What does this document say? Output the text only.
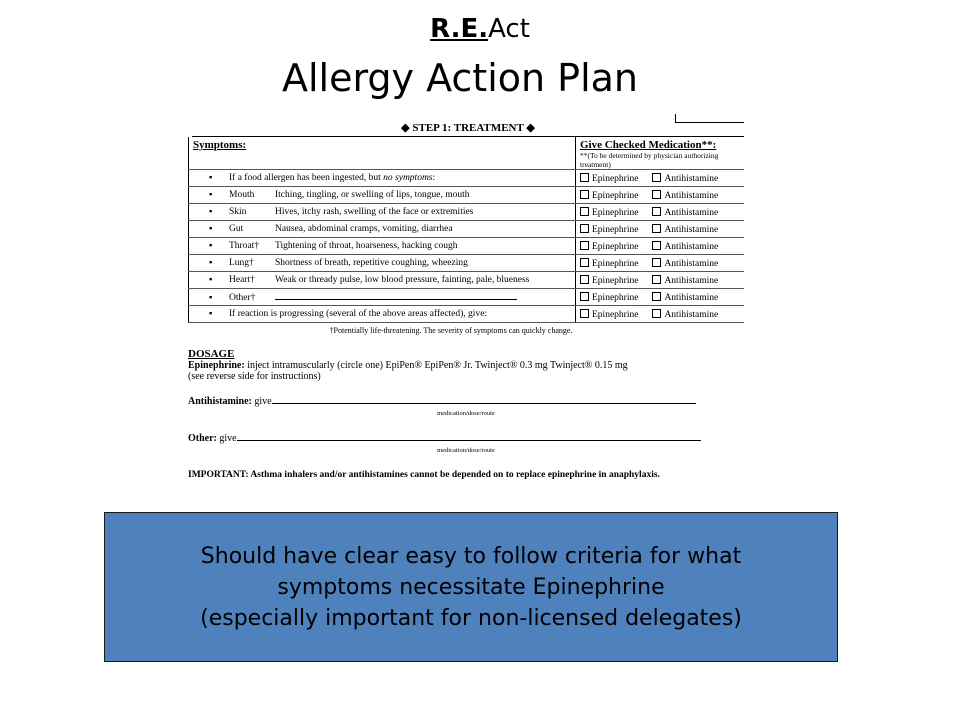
R.E.Act
Allergy Action Plan
◆ STEP 1: TREATMENT ◆
Symptoms:	Give Checked Medication**:
**(To be determined by physician authorizing treatment)

▪ If a food allergen has been ingested, but no symptoms:	Epinephrine Antihistamine
▪ Mouth Itching, tingling, or swelling of lips, tongue, mouth	Epinephrine Antihistamine
▪ Skin Hives, itchy rash, swelling of the face or extremities	Epinephrine Antihistamine
▪ Gut Nausea, abdominal cramps, vomiting, diarrhea	Epinephrine Antihistamine
▪ Throat† Tightening of throat, hoarseness, hacking cough	Epinephrine Antihistamine
▪ Lung† Shortness of breath, repetitive coughing, wheezing	Epinephrine Antihistamine
▪ Heart† Weak or thready pulse, low blood pressure, fainting, pale, blueness	Epinephrine Antihistamine
▪ Other†	Epinephrine Antihistamine
▪ If reaction is progressing (several of the above areas affected), give:	Epinephrine Antihistamine
†Potentially life-threatening. The severity of symptoms can quickly change.
DOSAGE
Epinephrine: inject intramuscularly (circle one) EpiPen® EpiPen® Jr. Twinject® 0.3 mg Twinject® 0.15 mg
(see reverse side for instructions)
Antihistamine: give
medication/dose/route
Other: give
medication/dose/route
IMPORTANT: Asthma inhalers and/or antihistamines cannot be depended on to replace epinephrine in anaphylaxis.
Should have clear easy to follow criteria for what
symptoms necessitate Epinephrine
(especially important for non-licensed delegates)
